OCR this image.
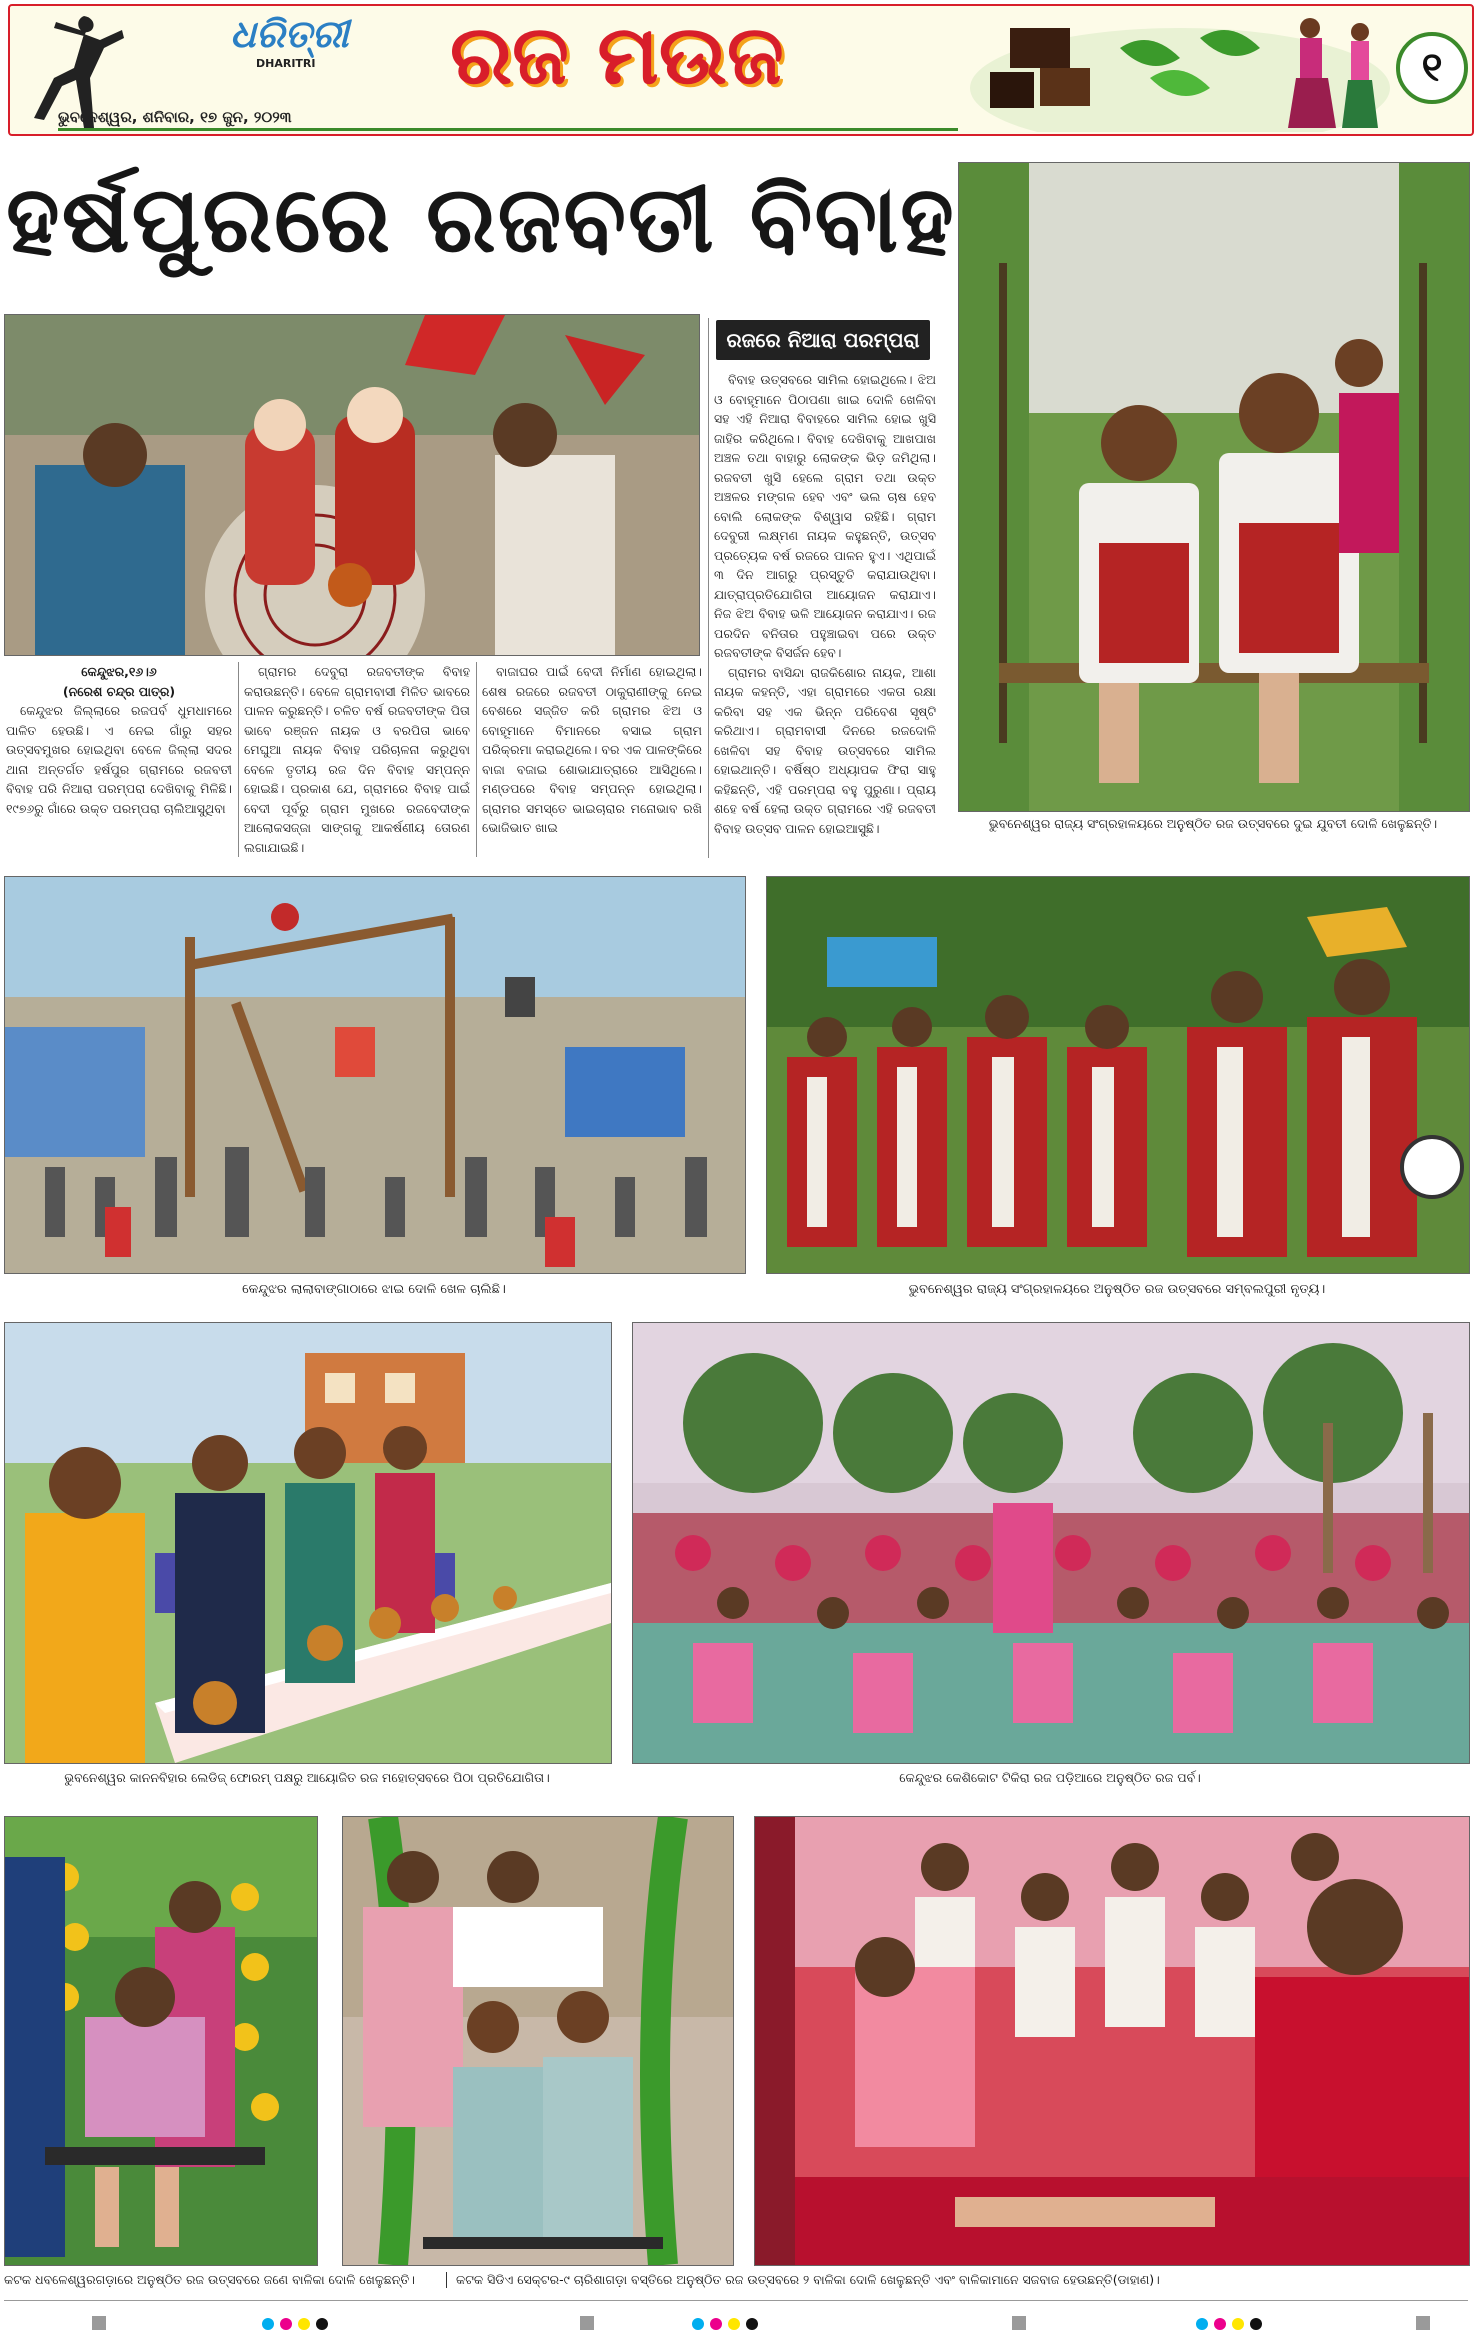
ଧରିତ୍ରୀ
DHARITRI	ରଜ ମଉଜ
ଭୁବନେଶ୍ୱର, ଶନିବାର, ୧୭ ଜୁନ, ୨୦୨୩
୧
ହର୍ଷପୁରରେ ରଜବତୀ ବିବାହ

କେନ୍ଦୁଝର,୧୬।୬

(ନରେଶ ଚନ୍ଦ୍ର ପାତ୍ର)

କେନ୍ଦୁଝର ଜିଲ୍ଲାରେ ରଜପର୍ବ ଧୁମଧାମରେ ପାଳିତ ହେଉଛି। ଏ ନେଇ ଗାଁରୁ ସହର ଉତ୍ସବମୁଖର ହୋଇଥିବା ବେଳେ ଜିଲ୍ଲା ସଦର ଥାନା ଅନ୍ତର୍ଗତ ହର୍ଷପୁର ଗ୍ରାମରେ ରଜବତୀ ବିବାହ ପରି ନିଆରା ପରମ୍ପରା ଦେଖିବାକୁ ମିଳିଛି। ୧୯୭୬ରୁ ଗାଁରେ ଉକ୍ତ ପରମ୍ପରା ଚାଲିଆସୁଥିବା

ଗ୍ରାମର ଦେବୁରା ରଜବତୀଙ୍କ ବିବାହ କରାଉଛନ୍ତି। ବେଳେ ଗ୍ରାମବାସୀ ମିଳିତ ଭାବରେ ପାଳନ କରୁଛନ୍ତି। ଚଳିତ ବର୍ଷ ରଜବତୀଙ୍କ ପିତା ଭାବେ ରଞ୍ଜନ ନାୟକ ଓ ବରପିତା ଭାବେ ମେଘୁଆ ନାୟକ ବିବାହ ପରିଚାଳନା କରୁଥିବା ବେଳେ ତୃତୀୟ ରଜ ଦିନ ବିବାହ ସମ୍ପନ୍ନ ହୋଇଛି। ପ୍ରକାଶ ଯେ, ଗ୍ରାମରେ ବିବାହ ପାଇଁ ବେଦୀ ପୂର୍ବରୁ ଗ୍ରାମ ମୁଖରେ ରଜବେଦୀଙ୍କ ଆଲୋକସଜ୍ଜା ସାଙ୍ଗକୁ ଆକର୍ଷଣୀୟ ତୋରଣ ଲଗାଯାଇଛି।

ବାଜାଘର ପାଇଁ ବେଦୀ ନିର୍ମାଣ ହୋଇଥିଲା। ଶେଷ ରଜରେ ରଜବତୀ ଠାକୁରାଣୀଙ୍କୁ ନେଇ ବେଶରେ ସଜ୍ଜିତ କରି ଗ୍ରାମର ଝିଅ ଓ ବୋହୂମାନେ ବିମାନରେ ବସାଇ ଗ୍ରାମ ପରିକ୍ରମା କରାଇଥିଲେ। ବର ଏକ ପାଳଙ୍କିରେ ବାଜା ବଜାଇ ଶୋଭାଯାତ୍ରାରେ ଆସିଥିଲେ। ମଣ୍ଡପରେ ବିବାହ ସମ୍ପନ୍ନ ହୋଇଥିଲା। ଗ୍ରାମର ସମସ୍ତେ ଭାଇଚାରାର ମନୋଭାବ ରଖି ଭୋଜିଭାତ ଖାଇ

ରଜରେ ନିଆରା ପରମ୍ପରା

ବିବାହ ଉତ୍ସବରେ ସାମିଲ ହୋଇଥିଲେ। ଝିଅ ଓ ବୋହୂମାନେ ପିଠାପଣା ଖାଇ ଦୋଳି ଖେଳିବା ସହ ଏହି ନିଆରା ବିବାହରେ ସାମିଲ ହୋଇ ଖୁସି ଜାହିର କରିଥିଲେ। ବିବାହ ଦେଖିବାକୁ ଆଖପାଖ ଅଞ୍ଚଳ ତଥା ବାହାରୁ ଲୋକଙ୍କ ଭିଡ଼ ଜମିଥିଲା। ରଜବତୀ ଖୁସି ହେଲେ ଗ୍ରାମ ତଥା ଉକ୍ତ ଅଞ୍ଚଳର ମଙ୍ଗଳ ହେବ ଏବଂ ଭଲ ଚାଷ ହେବ ବୋଲି ଲୋକଙ୍କ ବିଶ୍ୱାସ ରହିଛି। ଗ୍ରାମ ଦେବୁରୀ ଲକ୍ଷ୍ମଣ ନାୟକ କହୁଛନ୍ତି, ଉତ୍ସବ ପ୍ରତ୍ୟେକ ବର୍ଷ ରଜରେ ପାଳନ ହୁଏ। ଏଥିପାଇଁ ୩ ଦିନ ଆଗରୁ ପ୍ରସ୍ତୁତି କରାଯାଉଥିବା। ଯାତ୍ରାପ୍ରତିଯୋଗିତା ଆୟୋଜନ କରାଯାଏ। ନିଜ ଝିଅ ବିବାହ ଭଳି ଆୟୋଜନ କରାଯାଏ। ରଜ ପରଦିନ ବନିତାର ପହୁଞ୍ଚାଇବା ପରେ ଉକ୍ତ ରଜବତୀଙ୍କ ବିସର୍ଜନ ହେବ।

ଗ୍ରାମର ବାସିନ୍ଦା ରାଜକିଶୋର ନାୟକ, ଆଶା ନାୟକ କହନ୍ତି, ଏହା ଗ୍ରାମରେ ଏକତା ରକ୍ଷା କରିବା ସହ ଏକ ଭିନ୍ନ ପରିବେଶ ସୃଷ୍ଟି କରିଥାଏ। ଗ୍ରାମବାସୀ ଦିନରେ ରଜଦୋଳି ଖେଳିବା ସହ ବିବାହ ଉତ୍ସବରେ ସାମିଲ ହୋଇଥାନ୍ତି। ବର୍ଷିଷ୍ଠ ଅଧ୍ୟାପକ ଫିରା ସାହୁ କହିଛନ୍ତି, ଏହି ପରମ୍ପରା ବହୁ ପୁରୁଣା। ପ୍ରାୟ ଶହେ ବର୍ଷ ହେଲା ଉକ୍ତ ଗ୍ରାମରେ ଏହି ରଜବତୀ ବିବାହ ଉତ୍ସବ ପାଳନ ହୋଇଆସୁଛି।	ଭୁବନେଶ୍ୱର ରାଜ୍ୟ ସଂଗ୍ରହାଳୟରେ ଅନୁଷ୍ଠିତ ରଜ ଉତ୍ସବରେ ଦୁଇ ଯୁବତୀ ଦୋଳି ଖେଳୁଛନ୍ତି।
କେନ୍ଦୁଝର ଲାଲାବାଙ୍ଗାଠାରେ ଝାଇ ଦୋଳି ଖେଳ ଚାଲିଛି।	ଭୁବନେଶ୍ୱର ରାଜ୍ୟ ସଂଗ୍ରହାଳୟରେ ଅନୁଷ୍ଠିତ ରଜ ଉତ୍ସବରେ ସମ୍ବଲପୁରୀ ନୃତ୍ୟ।
ଭୁବନେଶ୍ୱର କାନନବିହାର ଲେଡିଜ୍ ଫୋରମ୍ ପକ୍ଷରୁ ଆୟୋଜିତ ରଜ ମହୋତ୍ସବରେ ପିଠା ପ୍ରତିଯୋଗିତା।	କେନ୍ଦୁଝର କେଶିକୋଟ ଟିକିରା ରଜ ପଡ଼ିଆରେ ଅନୁଷ୍ଠିତ ରଜ ପର୍ବ।
କଟକ ଧବଳେଶ୍ୱରଗଡ଼ାରେ ଅନୁଷ୍ଠିତ ରଜ ଉତ୍ସବରେ ଜଣେ ବାଳିକା ଦୋଳି ଖେଳୁଛନ୍ତି।	କଟକ ସିଡିଏ ସେକ୍ଟର-୯ ଚାରିଶାଗଡ଼ା ବସ୍ତିରେ ଅନୁଷ୍ଠିତ ରଜ ଉତ୍ସବରେ ୨ ବାଳିକା ଦୋଳି ଖେଳୁଛନ୍ତି ଏବଂ ବାଳିକାମାନେ ସଜବାଜ ହେଉଛନ୍ତି(ଡାହାଣ)।
